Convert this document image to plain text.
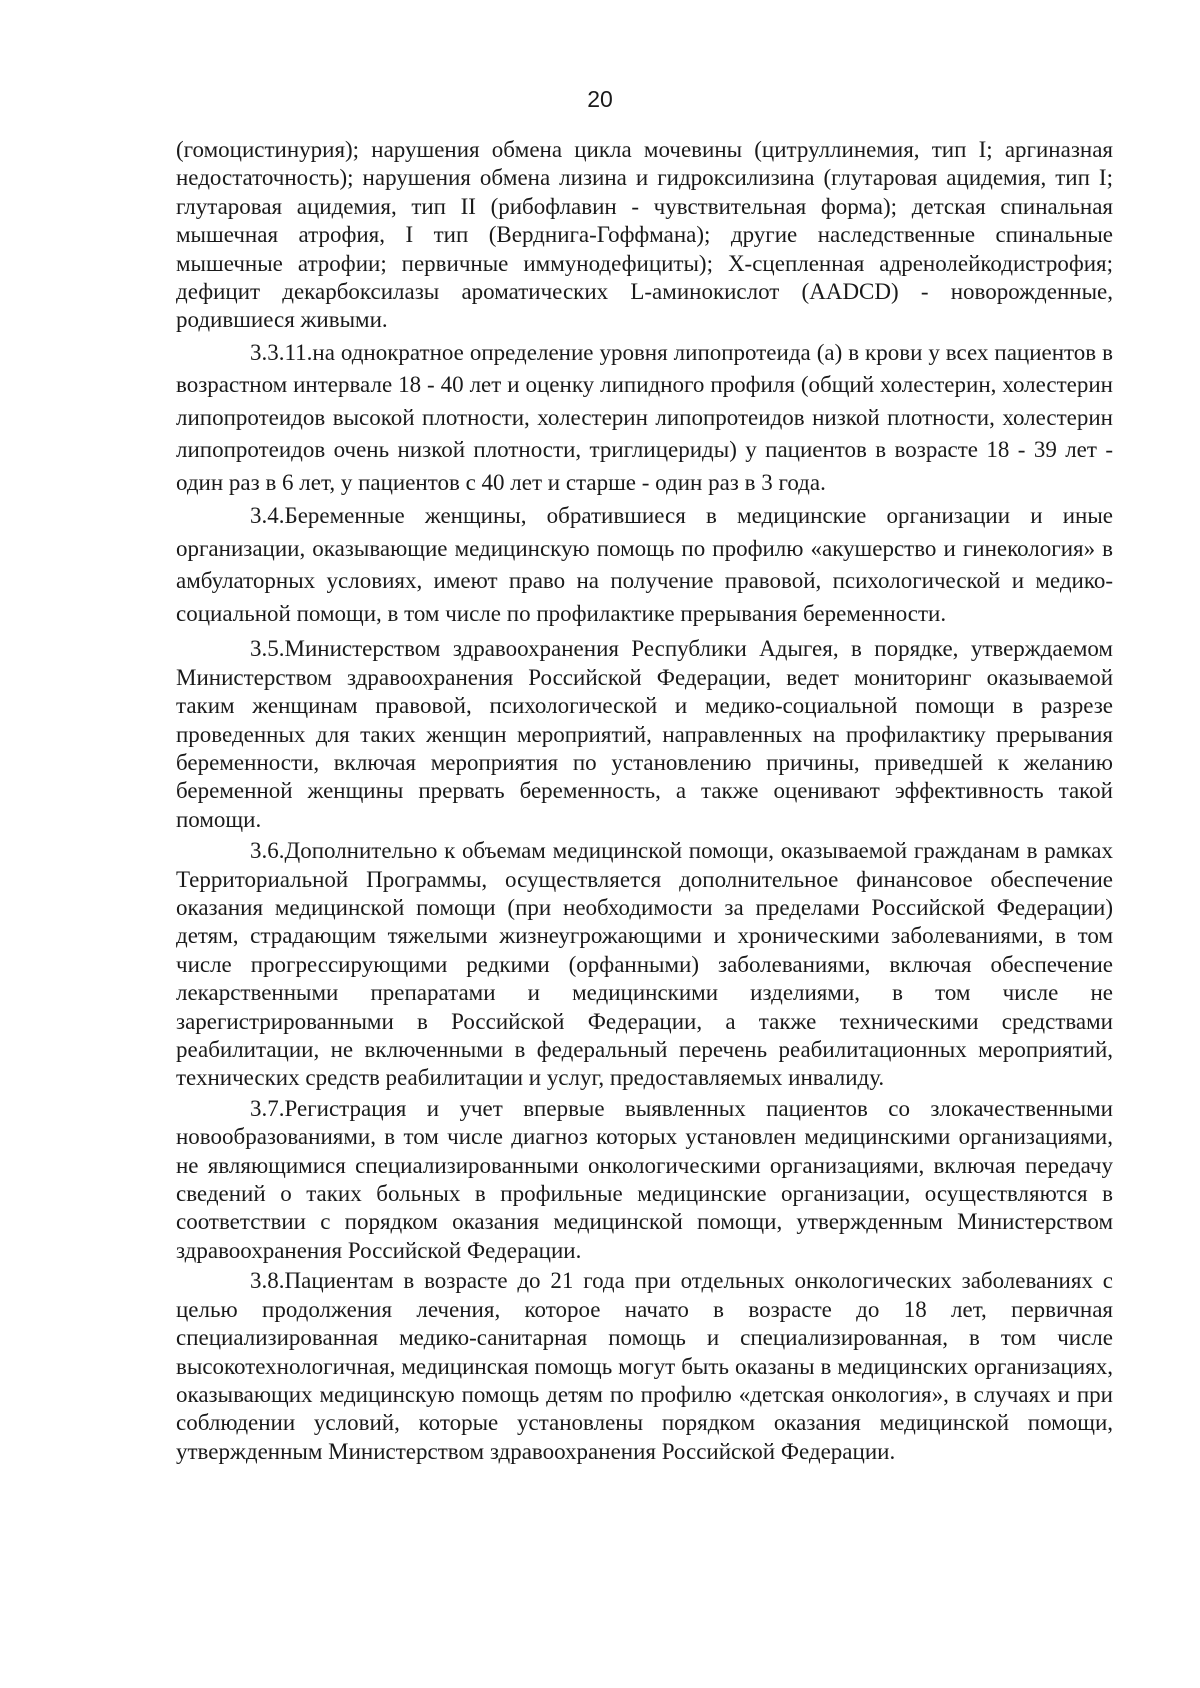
20

(гомоцистинурия); нарушения обмена цикла мочевины (цитруллинемия, тип I; аргиназная недостаточность); нарушения обмена лизина и гидроксилизина (глутаровая ацидемия, тип I; глутаровая ацидемия, тип II (рибофлавин - чувствительная форма); детская спинальная мышечная атрофия, I тип (Верднига-Гоффмана); другие наследственные спинальные мышечные атрофии; первичные иммунодефициты); Х-сцепленная адренолейкодистрофия; дефицит декарбоксилазы ароматических L-аминокислот (AADCD) - новорожденные, родившиеся живыми.

3.3.11.на однократное определение уровня липопротеида (а) в крови у всех пациентов в возрастном интервале 18 - 40 лет и оценку липидного профиля (общий холестерин, холестерин липопротеидов высокой плотности, холестерин липопротеидов низкой плотности, холестерин липопротеидов очень низкой плотности, триглицериды) у пациентов в возрасте 18 - 39 лет - один раз в 6 лет, у пациентов с 40 лет и старше - один раз в 3 года.

3.4.Беременные женщины, обратившиеся в медицинские организации и иные организации, оказывающие медицинскую помощь по профилю «акушерство и гинекология» в амбулаторных условиях, имеют право на получение правовой, психологической и медико-социальной помощи, в том числе по профилактике прерывания беременности.

3.5.Министерством здравоохранения Республики Адыгея, в порядке, утверждаемом Министерством здравоохранения Российской Федерации, ведет мониторинг оказываемой таким женщинам правовой, психологической и медико-социальной помощи в разрезе проведенных для таких женщин мероприятий, направленных на профилактику прерывания беременности, включая мероприятия по установлению причины, приведшей к желанию беременной женщины прервать беременность, а также оценивают эффективность такой помощи.

3.6.Дополнительно к объемам медицинской помощи, оказываемой гражданам в рамках Территориальной Программы, осуществляется дополнительное финансовое обеспечение оказания медицинской помощи (при необходимости за пределами Российской Федерации) детям, страдающим тяжелыми жизнеугрожающими и хроническими заболеваниями, в том числе прогрессирующими редкими (орфанными) заболеваниями, включая обеспечение лекарственными препаратами и медицинскими изделиями, в том числе не зарегистрированными в Российской Федерации, а также техническими средствами реабилитации, не включенными в федеральный перечень реабилитационных мероприятий, технических средств реабилитации и услуг, предоставляемых инвалиду.

3.7.Регистрация и учет впервые выявленных пациентов со злокачественными новообразованиями, в том числе диагноз которых установлен медицинскими организациями, не являющимися специализированными онкологическими организациями, включая передачу сведений о таких больных в профильные медицинские организации, осуществляются в соответствии с порядком оказания медицинской помощи, утвержденным Министерством здравоохранения Российской Федерации.

3.8.Пациентам в возрасте до 21 года при отдельных онкологических заболеваниях с целью продолжения лечения, которое начато в возрасте до 18 лет, первичная специализированная медико-санитарная помощь и специализированная, в том числе высокотехнологичная, медицинская помощь могут быть оказаны в медицинских организациях, оказывающих медицинскую помощь детям по профилю «детская онкология», в случаях и при соблюдении условий, которые установлены порядком оказания медицинской помощи, утвержденным Министерством здравоохранения Российской Федерации.
